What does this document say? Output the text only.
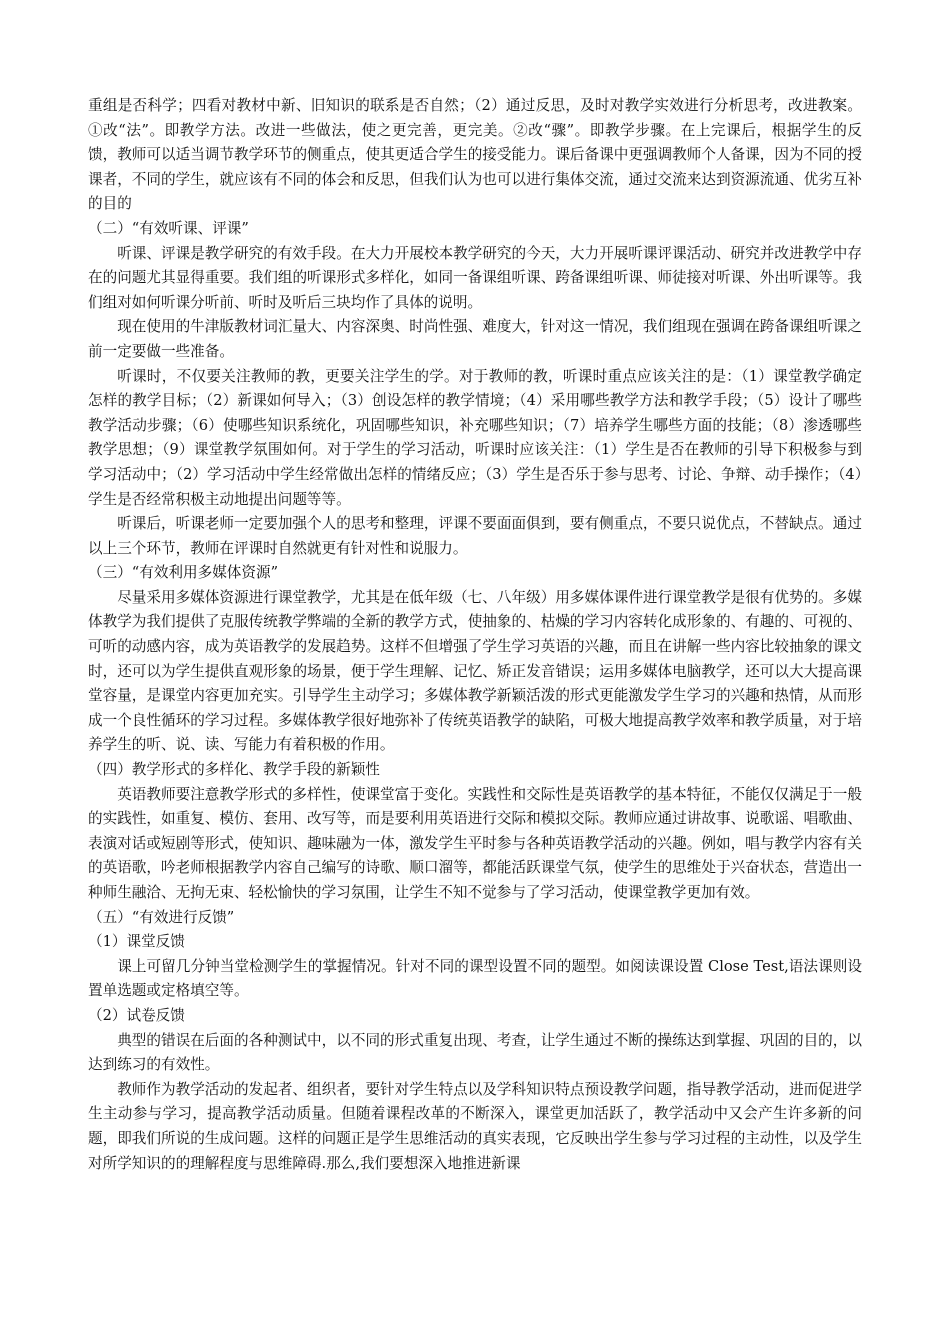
重组是否科学；四看对教材中新、旧知识的联系是否自然；（2）通过反思，及时对教学实效进行分析思考，改进教案。①改“法”。即教学方法。改进一些做法，使之更完善，更完美。②改“骤”。即教学步骤。在上完课后，根据学生的反馈，教师可以适当调节教学环节的侧重点，使其更适合学生的接受能力。课后备课中更强调教师个人备课，因为不同的授课者，不同的学生，就应该有不同的体会和反思，但我们认为也可以进行集体交流，通过交流来达到资源流通、优劣互补的目的

（二）“有效听课、评课”

听课、评课是教学研究的有效手段。在大力开展校本教学研究的今天，大力开展听课评课活动、研究并改进教学中存在的问题尤其显得重要。我们组的听课形式多样化，如同一备课组听课、跨备课组听课、师徒接对听课、外出听课等。我们组对如何听课分听前、听时及听后三块均作了具体的说明。

现在使用的牛津版教材词汇量大、内容深奥、时尚性强、难度大，针对这一情况，我们组现在强调在跨备课组听课之前一定要做一些准备。

听课时，不仅要关注教师的教，更要关注学生的学。对于教师的教，听课时重点应该关注的是：（1）课堂教学确定怎样的教学目标；（2）新课如何导入；（3）创设怎样的教学情境；（4）采用哪些教学方法和教学手段；（5）设计了哪些教学活动步骤；（6）使哪些知识系统化，巩固哪些知识，补充哪些知识；（7）培养学生哪些方面的技能；（8）渗透哪些教学思想；（9）课堂教学氛围如何。对于学生的学习活动，听课时应该关注：（1）学生是否在教师的引导下积极参与到学习活动中；（2）学习活动中学生经常做出怎样的情绪反应；（3）学生是否乐于参与思考、讨论、争辩、动手操作；（4）学生是否经常积极主动地提出问题等等。

听课后，听课老师一定要加强个人的思考和整理，评课不要面面俱到，要有侧重点，不要只说优点，不替缺点。通过以上三个环节，教师在评课时自然就更有针对性和说服力。

（三）“有效利用多媒体资源”

尽量采用多媒体资源进行课堂教学，尤其是在低年级（七、八年级）用多媒体课件进行课堂教学是很有优势的。多媒体教学为我们提供了克服传统教学弊端的全新的教学方式，使抽象的、枯燥的学习内容转化成形象的、有趣的、可视的、可听的动感内容，成为英语教学的发展趋势。这样不但增强了学生学习英语的兴趣，而且在讲解一些内容比较抽象的课文时，还可以为学生提供直观形象的场景，便于学生理解、记忆、矫正发音错误；运用多媒体电脑教学，还可以大大提高课堂容量，是课堂内容更加充实。引导学生主动学习；多媒体教学新颖活泼的形式更能激发学生学习的兴趣和热情，从而形成一个良性循环的学习过程。多媒体教学很好地弥补了传统英语教学的缺陷，可极大地提高教学效率和教学质量，对于培养学生的听、说、读、写能力有着积极的作用。

（四）教学形式的多样化、教学手段的新颖性

英语教师要注意教学形式的多样性，使课堂富于变化。实践性和交际性是英语教学的基本特征，不能仅仅满足于一般的实践性，如重复、模仿、套用、改写等，而是要利用英语进行交际和模拟交际。教师应通过讲故事、说歌谣、唱歌曲、表演对话或短剧等形式，使知识、趣味融为一体，激发学生平时参与各种英语教学活动的兴趣。例如，唱与教学内容有关的英语歌，吟老师根据教学内容自己编写的诗歌、顺口溜等，都能活跃课堂气氛，使学生的思维处于兴奋状态，营造出一种师生融洽、无拘无束、轻松愉快的学习氛围，让学生不知不觉参与了学习活动，使课堂教学更加有效。

（五）“有效进行反馈”

（1）课堂反馈

课上可留几分钟当堂检测学生的掌握情况。针对不同的课型设置不同的题型。如阅读课设置 Close Test,语法课则设置单选题或定格填空等。

（2）试卷反馈

典型的错误在后面的各种测试中，以不同的形式重复出现、考查，让学生通过不断的操练达到掌握、巩固的目的，以达到练习的有效性。

教师作为教学活动的发起者、组织者，要针对学生特点以及学科知识特点预设教学问题，指导教学活动，进而促进学生主动参与学习，提高教学活动质量。但随着课程改革的不断深入，课堂更加活跃了，教学活动中又会产生许多新的问题，即我们所说的生成问题。这样的问题正是学生思维活动的真实表现，它反映出学生参与学习过程的主动性，以及学生对所学知识的的理解程度与思维障碍.那么,我们要想深入地推进新课
